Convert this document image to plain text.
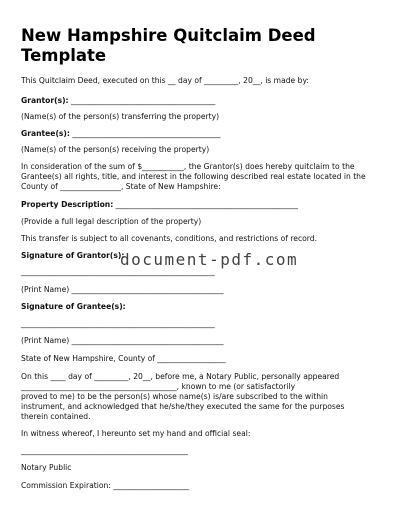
New Hampshire Quitclaim Deed
Template

This Quitclaim Deed, executed on this __ day of _________, 20__, is made by:

Grantor(s): ______________________________________

(Name(s) of the person(s) transferring the property)

Grantee(s): _______________________________________

(Name(s) of the person(s) receiving the property)

In consideration of the sum of $___________, the Grantor(s) does hereby quitclaim to the

Grantee(s) all rights, title, and interest in the following described real estate located in the

County of ________________, State of New Hampshire:

Property Description: ________________________________________________

(Provide a full legal description of the property)

This transfer is subject to all covenants, conditions, and restrictions of record.

Signature of Grantor(s):

___________________________________________________

(Print Name) ________________________________________

Signature of Grantee(s):

___________________________________________________

(Print Name) ________________________________________

State of New Hampshire, County of __________________

On this ____ day of _________, 20__, before me, a Notary Public, personally appeared

_________________________________________, known to me (or satisfactorily

proved to me) to be the person(s) whose name(s) is/are subscribed to the within

instrument, and acknowledged that he/she/they executed the same for the purposes

therein contained.

In witness whereof, I hereunto set my hand and official seal:

____________________________________________

Notary Public

Commission Expiration: ____________________

document-pdf.com
